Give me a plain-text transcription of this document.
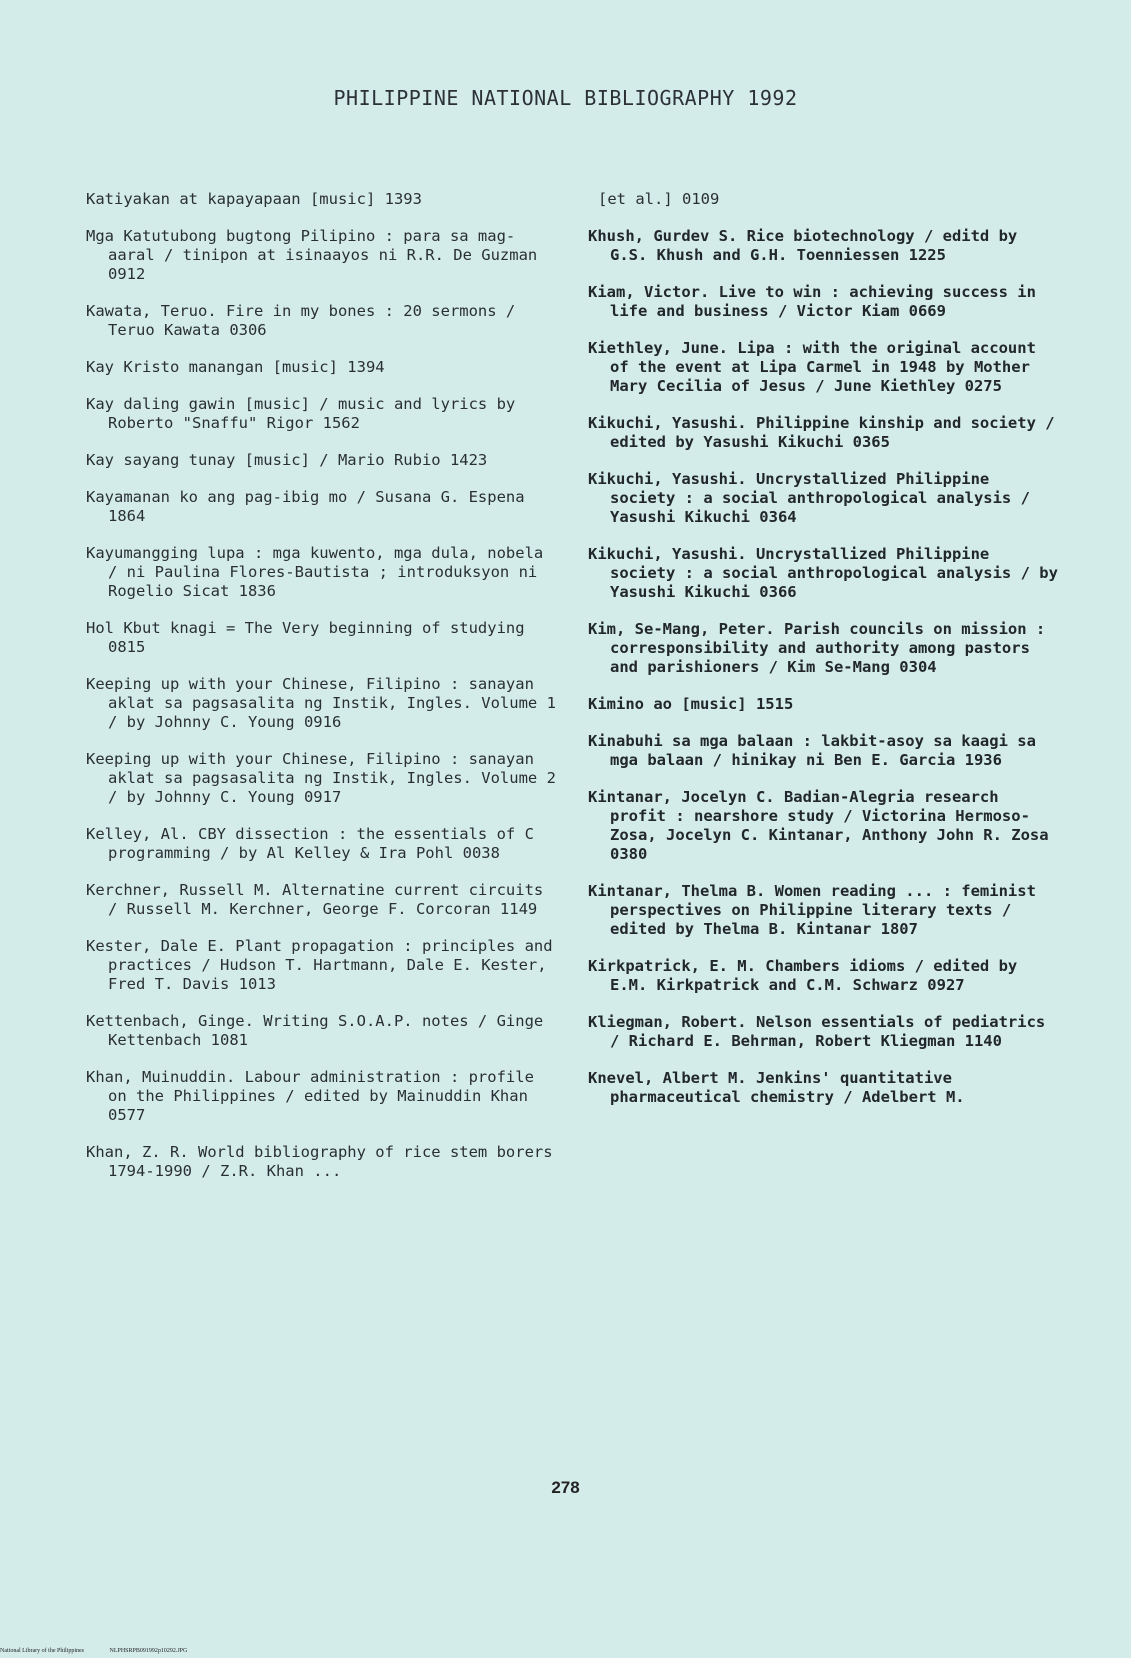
PHILIPPINE NATIONAL BIBLIOGRAPHY 1992
Katiyakan at kapayapaan [music] 1393
Mga Katutubong bugtong Pilipino : para sa mag-aaral / tinipon at isinaayos ni R.R. De Guzman 0912
Kawata, Teruo. Fire in my bones : 20 sermons / Teruo Kawata 0306
Kay Kristo manangan [music] 1394
Kay daling gawin [music] / music and lyrics by Roberto "Snaffu" Rigor 1562
Kay sayang tunay [music] / Mario Rubio 1423
Kayamanan ko ang pag-ibig mo / Susana G. Espena 1864
Kayumangging lupa : mga kuwento, mga dula, nobela / ni Paulina Flores-Bautista ; introduksyon ni Rogelio Sicat 1836
Hol Kbut knagi = The Very beginning of studying 0815
Keeping up with your Chinese, Filipino : sanayan aklat sa pagsasalita ng Instik, Ingles. Volume 1 / by Johnny C. Young 0916
Keeping up with your Chinese, Filipino : sanayan aklat sa pagsasalita ng Instik, Ingles. Volume 2 / by Johnny C. Young 0917
Kelley, Al. CBY dissection : the essentials of C programming / by Al Kelley & Ira Pohl 0038
Kerchner, Russell M. Alternatine current circuits / Russell M. Kerchner, George F. Corcoran 1149
Kester, Dale E. Plant propagation : principles and practices / Hudson T. Hartmann, Dale E. Kester, Fred T. Davis 1013
Kettenbach, Ginge. Writing S.O.A.P. notes / Ginge Kettenbach 1081
Khan, Muinuddin. Labour administration : profile on the Philippines / edited by Mainuddin Khan 0577
Khan, Z. R. World bibliography of rice stem borers 1794-1990 / Z.R. Khan ...
[et al.] 0109
Khush, Gurdev S. Rice biotechnology / editd by G.S. Khush and G.H. Toenniessen 1225
Kiam, Victor. Live to win : achieving success in life and business / Victor Kiam 0669
Kiethley, June. Lipa : with the original account of the event at Lipa Carmel in 1948 by Mother Mary Cecilia of Jesus / June Kiethley 0275
Kikuchi, Yasushi. Philippine kinship and society / edited by Yasushi Kikuchi 0365
Kikuchi, Yasushi. Uncrystallized Philippine society : a social anthropological analysis / Yasushi Kikuchi 0364
Kikuchi, Yasushi. Uncrystallized Philippine society : a social anthropological analysis / by Yasushi Kikuchi 0366
Kim, Se-Mang, Peter. Parish councils on mission : corresponsibility and authority among pastors and parishioners / Kim Se-Mang 0304
Kimino ao [music] 1515
Kinabuhi sa mga balaan : lakbit-asoy sa kaagi sa mga balaan / hinikay ni Ben E. Garcia 1936
Kintanar, Jocelyn C. Badian-Alegria research profit : nearshore study / Victorina Hermoso-Zosa, Jocelyn C. Kintanar, Anthony John R. Zosa 0380
Kintanar, Thelma B. Women reading ... : feminist perspectives on Philippine literary texts / edited by Thelma B. Kintanar 1807
Kirkpatrick, E. M. Chambers idioms / edited by E.M. Kirkpatrick and C.M. Schwarz 0927
Kliegman, Robert. Nelson essentials of pediatrics / Richard E. Behrman, Robert Kliegman 1140
Knevel, Albert M. Jenkins' quantitative pharmaceutical chemistry / Adelbert M.
278
National Library of the Philippines	NLPHSRPB091992p10292.JPG
